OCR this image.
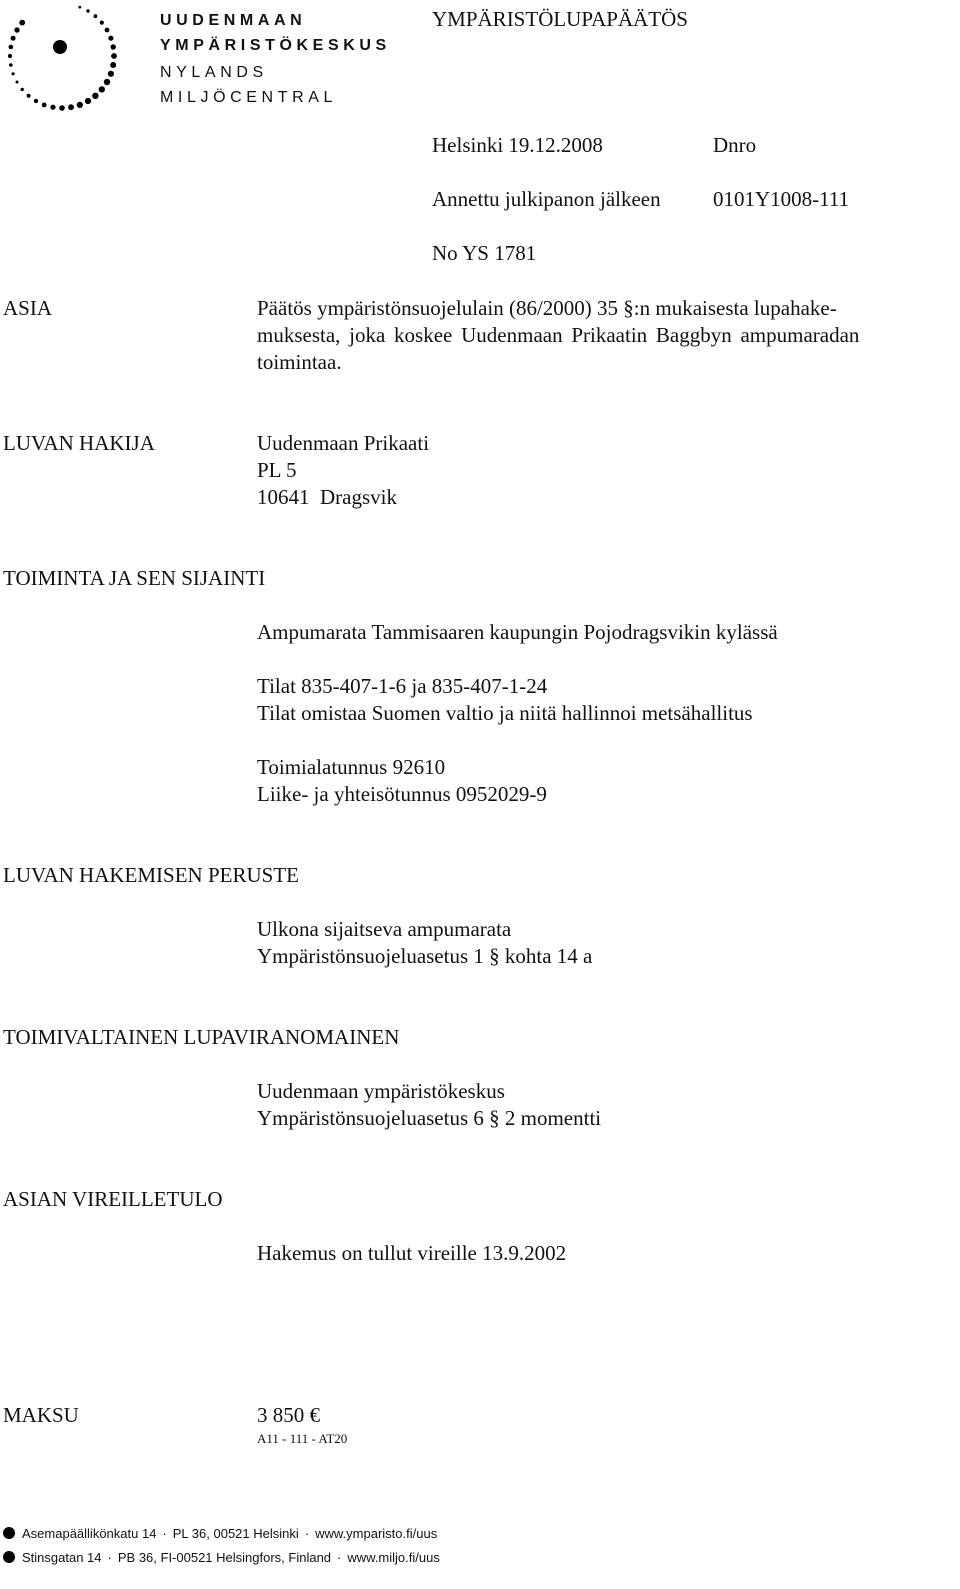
UUDENMAAN
YMPÄRISTÖKESKUS
NYLANDS
MILJÖCENTRAL
YMPÄRISTÖLUPAPÄÄTÖS
Helsinki 19.12.2008	Dnro
Annettu julkipanon jälkeen 0101Y1008-111
No YS 1781
ASIA	Päätös ympäristönsuojelulain (86/2000) 35 §:n mukaisesta lupahake-
muksesta, joka koskee Uudenmaan Prikaatin Baggbyn ampumaradan
toimintaa.
LUVAN HAKIJA	Uudenmaan Prikaati
PL 5
10641  Dragsvik
TOIMINTA JA SEN SIJAINTI
Ampumarata Tammisaaren kaupungin Pojodragsvikin kylässä
Tilat 835-407-1-6 ja 835-407-1-24
Tilat omistaa Suomen valtio ja niitä hallinnoi metsähallitus
Toimialatunnus 92610
Liike- ja yhteisötunnus 0952029-9
LUVAN HAKEMISEN PERUSTE
Ulkona sijaitseva ampumarata
Ympäristönsuojeluasetus 1 § kohta 14 a
TOIMIVALTAINEN LUPAVIRANOMAINEN
Uudenmaan ympäristökeskus
Ympäristönsuojeluasetus 6 § 2 momentti
ASIAN VIREILLETULO
Hakemus on tullut vireille 13.9.2002
MAKSU	3 850 €
A11 - 111 - AT20
Asemapäällikönkatu 14 · PL 36, 00521 Helsinki · www.ymparisto.fi/uus
Stinsgatan 14 · PB 36, FI-00521 Helsingfors, Finland · www.miljo.fi/uus
